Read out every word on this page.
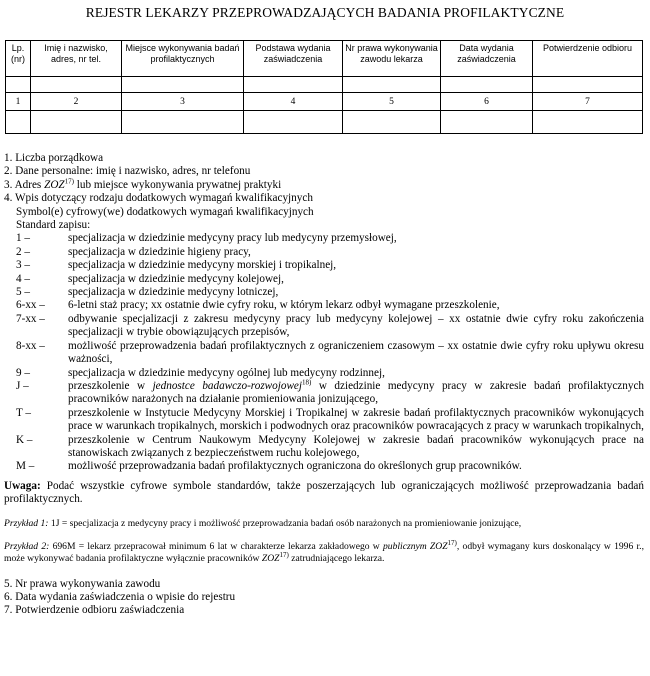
REJESTR LEKARZY PRZEPROWADZAJĄCYCH BADANIA PROFILAKTYCZNE
Lp. (nr)	Imię i nazwisko, adres, nr tel.	Miejsce wykonywania badań profilaktycznych	Podstawa wydania zaświadczenia	Nr prawa wykonywania zawodu lekarza	Data wydania zaświadczenia	Potwierdzenie odbioru

1	2	3	4	5	6	7

1. Liczba porządkowa
2. Dane personalne: imię i nazwisko, adres, nr telefonu
3. Adres ZOZ$^{17)}$ lub miejsce wykonywania prywatnej praktyki
4. Wpis dotyczący rodzaju dodatkowych wymagań kwalifikacyjnych
Symbol(e) cyfrowy(we) dodatkowych wymagań kwalifikacyjnych
Standard zapisu:
1 –	specjalizacja w dziedzinie medycyny pracy lub medycyny przemysłowej,
2 –	specjalizacja w dziedzinie higieny pracy,
3 –	specjalizacja w dziedzinie medycyny morskiej i tropikalnej,
4 –	specjalizacja w dziedzinie medycyny kolejowej,
5 –	specjalizacja w dziedzinie medycyny lotniczej,
6-xx –	6-letni staż pracy; xx ostatnie dwie cyfry roku, w którym lekarz odbył wymagane przeszkolenie,
7-xx –	odbywanie specjalizacji z zakresu medycyny pracy lub medycyny kolejowej – xx ostatnie dwie cyfry roku zakończenia specjalizacji w trybie obowiązujących przepisów,
8-xx –	możliwość przeprowadzenia badań profilaktycznych z ograniczeniem czasowym – xx ostatnie dwie cyfry roku upływu okresu ważności,
9 –	specjalizacja w dziedzinie medycyny ogólnej lub medycyny rodzinnej,
J –	przeszkolenie w jednostce badawczo-rozwojowej$^{18)}$ w dziedzinie medycyny pracy w zakresie badań profilaktycznych pracowników narażonych na działanie promieniowania jonizującego,
T –	przeszkolenie w Instytucie Medycyny Morskiej i Tropikalnej w zakresie badań profilaktycznych pracowników wykonujących prace w warunkach tropikalnych, morskich i podwodnych oraz pracowników powracających z pracy w warunkach tropikalnych,
K –	przeszkolenie w Centrum Naukowym Medycyny Kolejowej w zakresie badań pracowników wykonujących prace na stanowiskach związanych z bezpieczeństwem ruchu kolejowego,
M –	możliwość przeprowadzania badań profilaktycznych ograniczona do określonych grup pracowników.
Uwaga: Podać wszystkie cyfrowe symbole standardów, także poszerzających lub ograniczających możliwość przeprowadzania badań profilaktycznych.
Przykład 1: 1J = specjalizacja z medycyny pracy i możliwość przeprowadzania badań osób narażonych na promieniowanie jonizujące,
Przykład 2: 696M = lekarz przepracował minimum 6 lat w charakterze lekarza zakładowego w publicznym ZOZ$^{17)}$, odbył wymagany kurs doskonalący w 1996 r., może wykonywać badania profilaktyczne wyłącznie pracowników ZOZ$^{17)}$ zatrudniającego lekarza.
5. Nr prawa wykonywania zawodu
6. Data wydania zaświadczenia o wpisie do rejestru
7. Potwierdzenie odbioru zaświadczenia
